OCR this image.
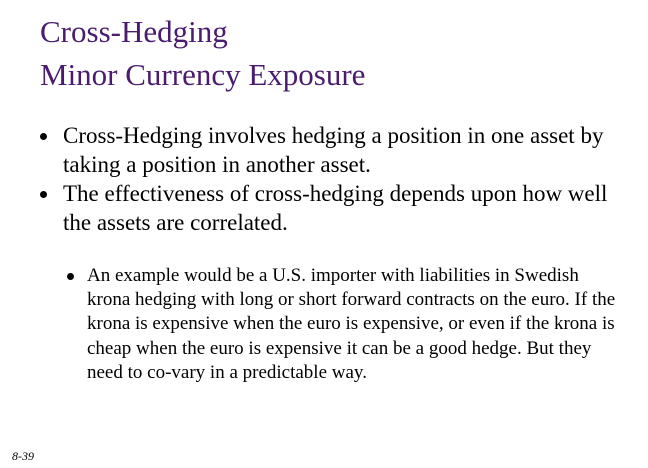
Cross-Hedging
Minor Currency Exposure

Cross-Hedging involves hedging a position in one asset by taking a position in another asset.

The effectiveness of cross-hedging depends upon how well the assets are correlated.

An example would be a U.S. importer with liabilities in Swedish krona hedging with long or short forward contracts on the euro. If the krona is expensive when the euro is expensive, or even if the krona is cheap when the euro is expensive it can be a good hedge. But they need to co-vary in a predictable way.

8-39
